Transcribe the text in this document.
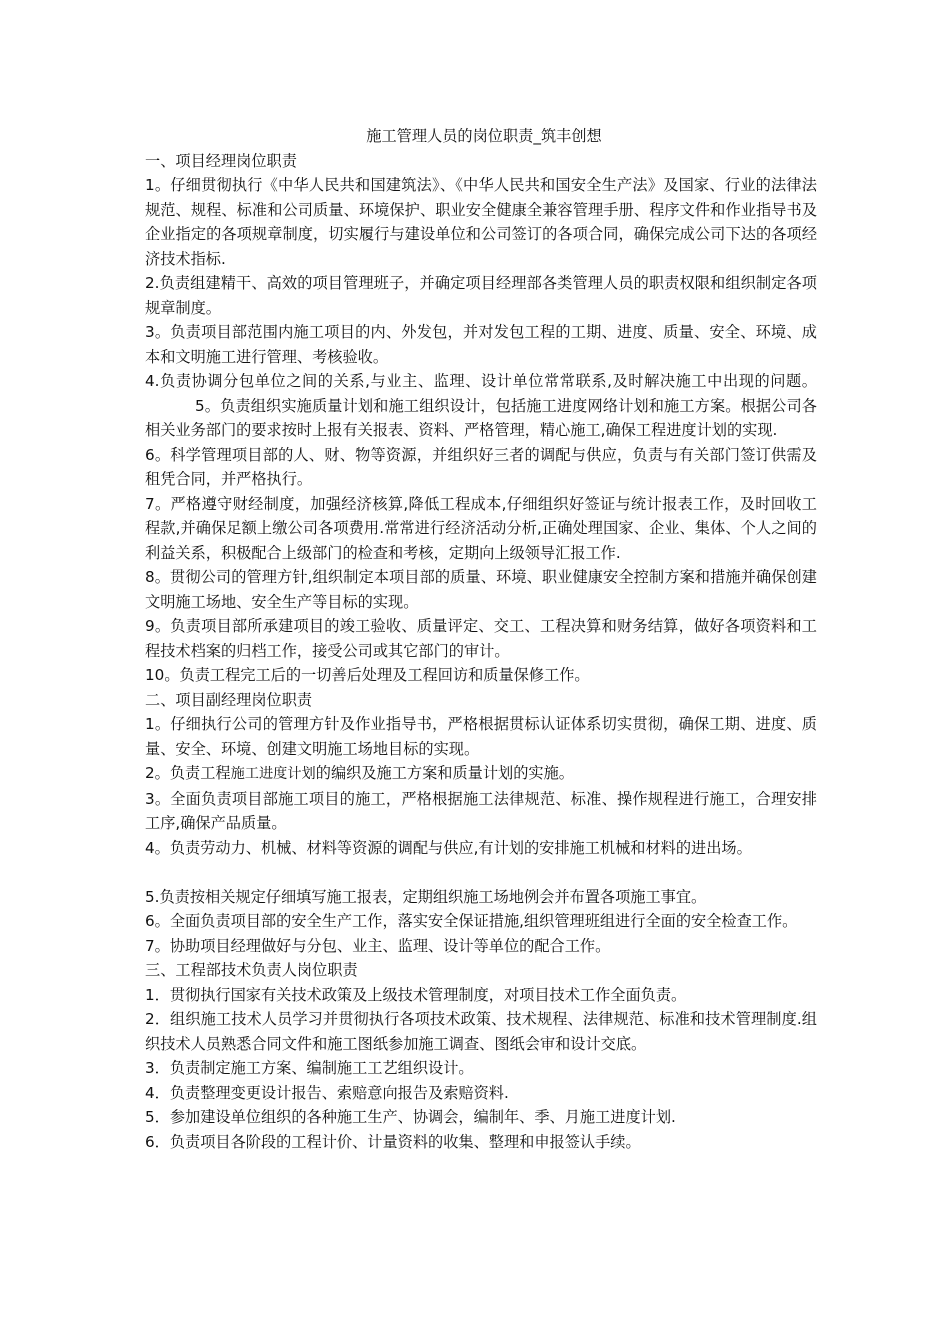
施工管理人员的岗位职责_筑丰创想

一、项目经理岗位职责

1。仔细贯彻执行《中华人民共和国建筑法》、《中华人民共和国安全生产法》及国家、行业的法律法规范、规程、标准和公司质量、环境保护、职业安全健康全兼容管理手册、程序文件和作业指导书及企业指定的各项规章制度，切实履行与建设单位和公司签订的各项合同，确保完成公司下达的各项经济技术指标.

2.负责组建精干、高效的项目管理班子，并确定项目经理部各类管理人员的职责权限和组织制定各项规章制度。

3。负责项目部范围内施工项目的内、外发包，并对发包工程的工期、进度、质量、安全、环境、成本和文明施工进行管理、考核验收。

4.负责协调分包单位之间的关系,与业主、监理、设计单位常常联系,及时解决施工中出现的问题。5。负责组织实施质量计划和施工组织设计，包括施工进度网络计划和施工方案。根据公司各相关业务部门的要求按时上报有关报表、资料、严格管理，精心施工,确保工程进度计划的实现.

6。科学管理项目部的人、财、物等资源，并组织好三者的调配与供应，负责与有关部门签订供需及租凭合同，并严格执行。

7。严格遵守财经制度，加强经济核算,降低工程成本,仔细组织好签证与统计报表工作，及时回收工程款,并确保足额上缴公司各项费用.常常进行经济活动分析,正确处理国家、企业、集体、个人之间的利益关系，积极配合上级部门的检查和考核，定期向上级领导汇报工作.

8。贯彻公司的管理方针,组织制定本项目部的质量、环境、职业健康安全控制方案和措施并确保创建文明施工场地、安全生产等目标的实现。

9。负责项目部所承建项目的竣工验收、质量评定、交工、工程决算和财务结算，做好各项资料和工程技术档案的归档工作，接受公司或其它部门的审计。

10。负责工程完工后的一切善后处理及工程回访和质量保修工作。

二、项目副经理岗位职责

1。仔细执行公司的管理方针及作业指导书，严格根据贯标认证体系切实贯彻，确保工期、进度、质量、安全、环境、创建文明施工场地目标的实现。

2。负责工程施工进度计划的编织及施工方案和质量计划的实施。

3。全面负责项目部施工项目的施工，严格根据施工法律规范、标准、操作规程进行施工，合理安排工序,确保产品质量。

4。负责劳动力、机械、材料等资源的调配与供应,有计划的安排施工机械和材料的进出场。

5.负责按相关规定仔细填写施工报表，定期组织施工场地例会并布置各项施工事宜。

6。全面负责项目部的安全生产工作，落实安全保证措施,组织管理班组进行全面的安全检查工作。

7。协助项目经理做好与分包、业主、监理、设计等单位的配合工作。

三、工程部技术负责人岗位职责

1．贯彻执行国家有关技术政策及上级技术管理制度，对项目技术工作全面负责。

2．组织施工技术人员学习并贯彻执行各项技术政策、技术规程、法律规范、标准和技术管理制度.组织技术人员熟悉合同文件和施工图纸参加施工调查、图纸会审和设计交底。

3．负责制定施工方案、编制施工工艺组织设计。

4．负责整理变更设计报告、索赔意向报告及索赔资料.

5．参加建设单位组织的各种施工生产、协调会，编制年、季、月施工进度计划.

6．负责项目各阶段的工程计价、计量资料的收集、整理和申报签认手续。
